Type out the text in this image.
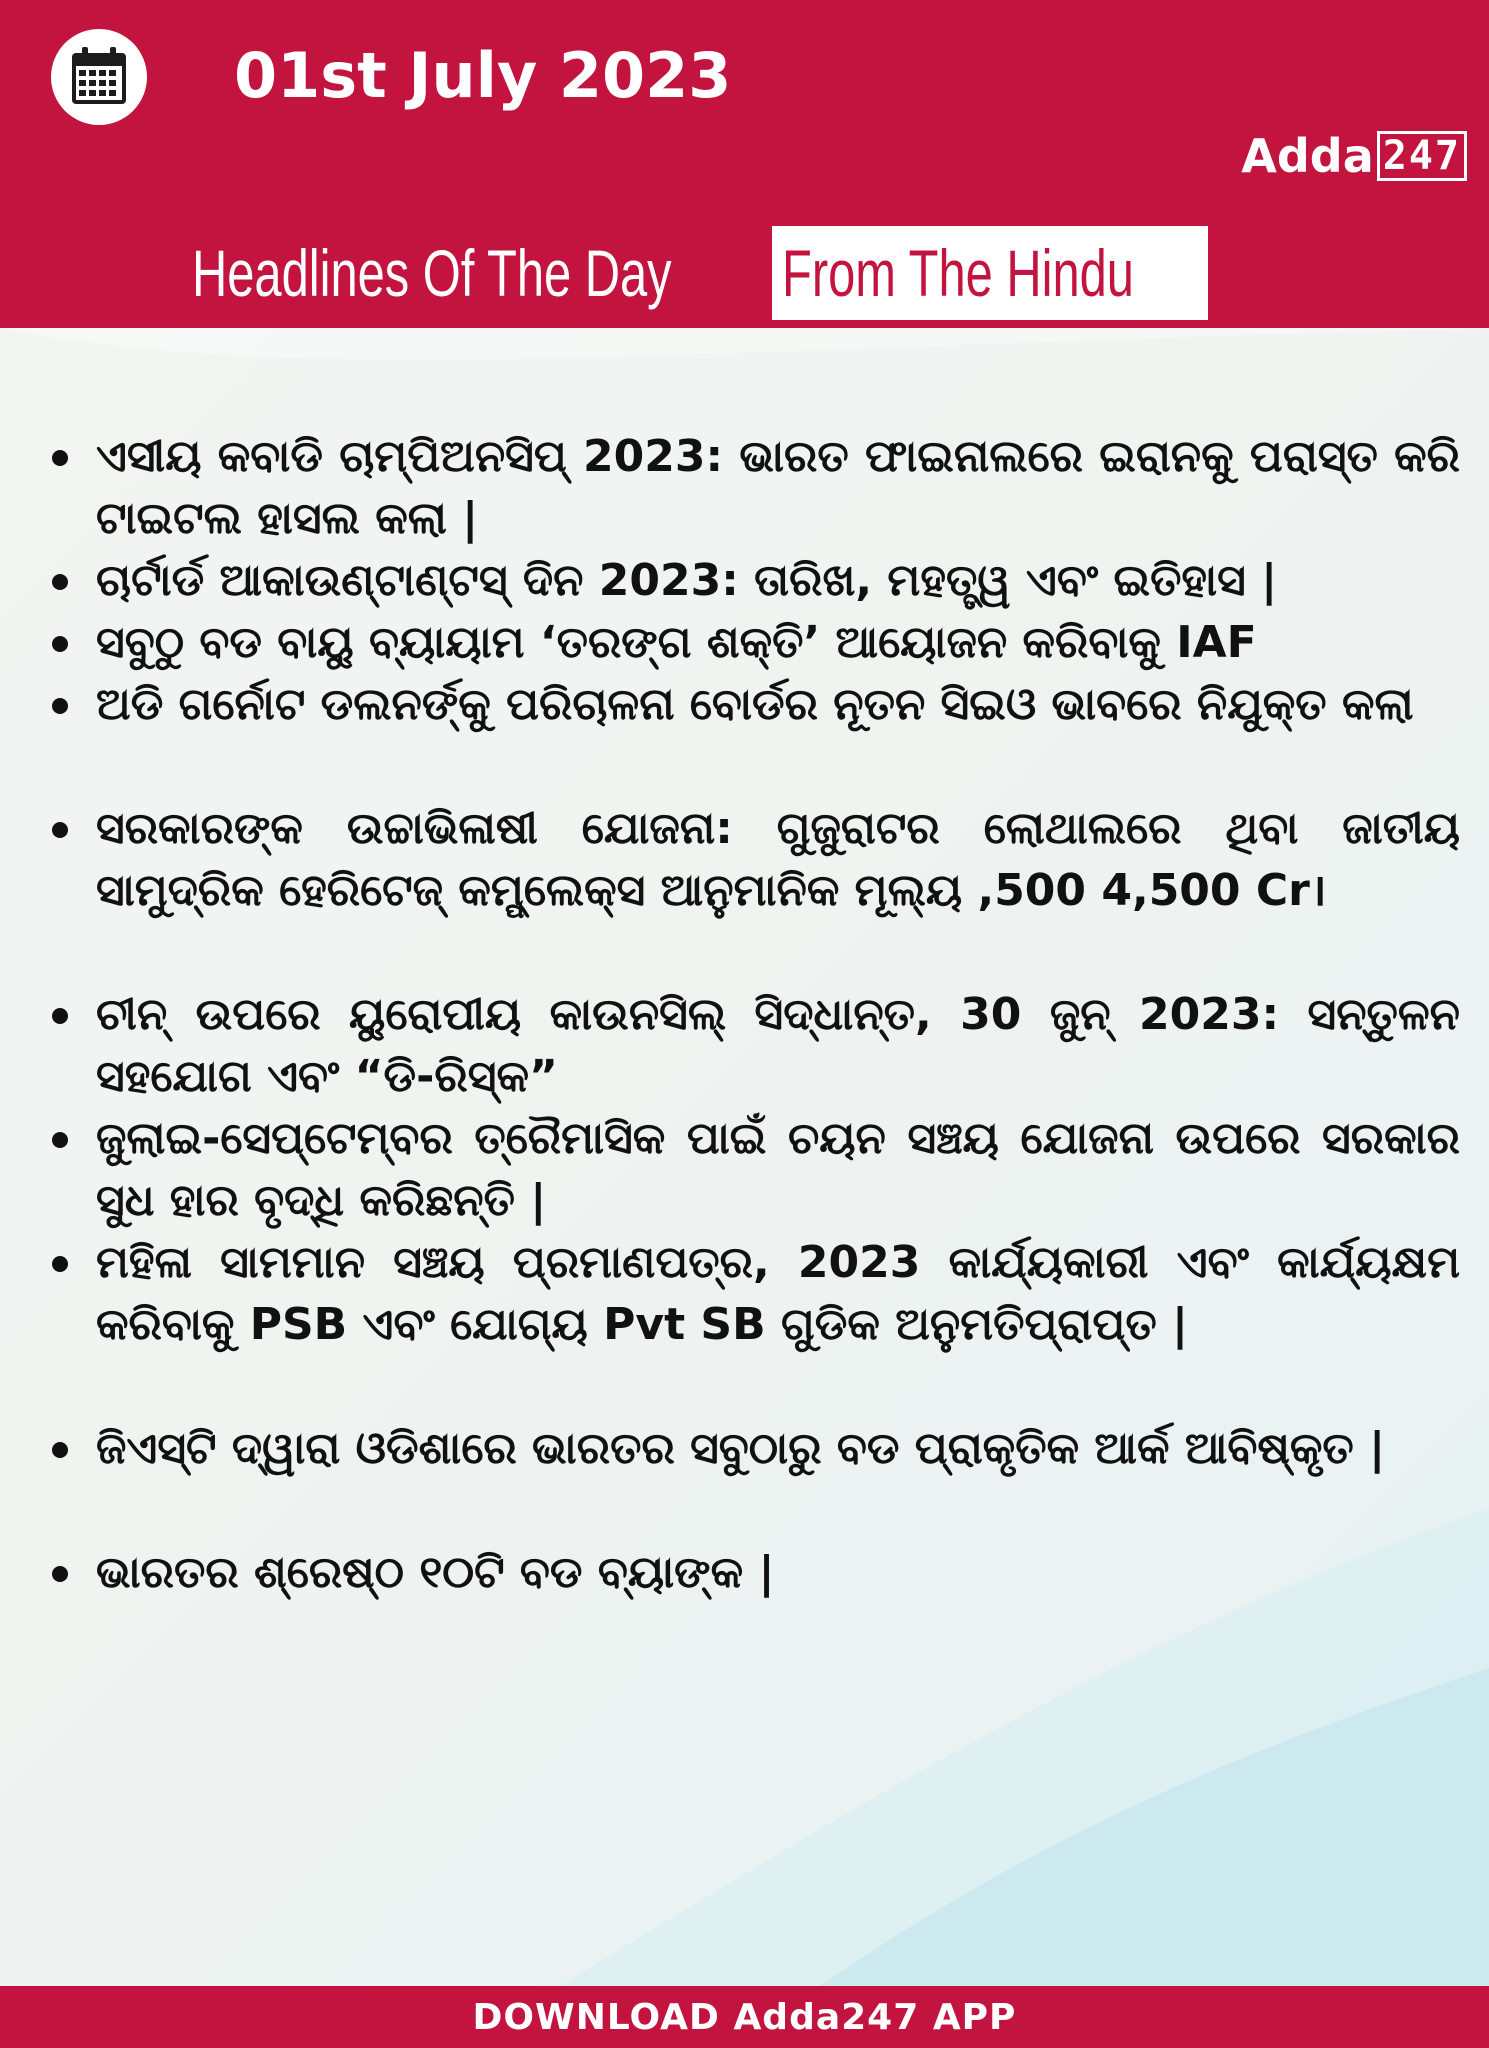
01st July 2023
Adda 247
Headlines Of The Day From The Hindu
ଏସୀୟ କବାଡି ଚାମ୍ପିଅନସିପ୍ 2023: ଭାରତ ଫାଇନାଲରେ ଇରାନକୁ ପରାସ୍ତ କରି ଟାଇଟଲ ହାସଲ କଲା |
ଚାର୍ଟାର୍ଡ ଆକାଉଣ୍ଟାଣ୍ଟସ୍ ଦିନ 2023: ତାରିଖ, ମହତ୍ତ୍ୱ ଏବଂ ଇତିହାସ |
ସବୁଠୁ ବଡ ବାୟୁ ବ୍ୟାୟାମ ‘ତରଙ୍ଗ ଶକ୍ତି’ ଆୟୋଜନ କରିବାକୁ IAF
ଅଡି ଗର୍ନୋଟ ଡଲନର୍ଙ୍କୁ ପରିଚାଳନା ବୋର୍ଡର ନୂତନ ସିଇଓ ଭାବରେ ନିଯୁକ୍ତ କଲା
ସରକାରଙ୍କ ଉଚ୍ଚାଭିଳାଷୀ ଯୋଜନା: ଗୁଜୁରାଟର ଲୋଥାଲରେ ଥିବା ଜାତୀୟ ସାମୁଦ୍ରିକ ହେରିଟେଜ୍ କମ୍ପ୍ଲେକ୍ସ ଆନୁମାନିକ ମୂଲ୍ୟ ,500 4,500 Cr।
ଚୀନ୍ ଉପରେ ୟୁରୋପୀୟ କାଉନସିଲ୍ ସିଦ୍ଧାନ୍ତ, 30 ଜୁନ୍ 2023: ସନ୍ତୁଳନ ସହଯୋଗ ଏବଂ “ଡି-ରିସ୍କ”
ଜୁଲାଇ-ସେପ୍ଟେମ୍ବର ତ୍ରୈମାସିକ ପାଇଁ ଚୟନ ସଞ୍ଚୟ ଯୋଜନା ଉପରେ ସରକାର ସୁଧ ହାର ବୃଦ୍ଧି କରିଛନ୍ତି |
ମହିଳା ସାମମାନ ସଞ୍ଚୟ ପ୍ରମାଣପତ୍ର, 2023 କାର୍ଯ୍ୟକାରୀ ଏବଂ କାର୍ଯ୍ୟକ୍ଷମ କରିବାକୁ PSB ଏବଂ ଯୋଗ୍ୟ Pvt SB ଗୁଡିକ ଅନୁମତିପ୍ରାପ୍ତ |
ଜିଏସ୍ଟି ଦ୍ୱାରା ଓଡିଶାରେ ଭାରତର ସବୁଠାରୁ ବଡ ପ୍ରାକୃତିକ ଆର୍କ ଆବିଷ୍କୃତ |
ଭାରତର ଶ୍ରେଷ୍ଠ ୧୦ଟି ବଡ ବ୍ୟାଙ୍କ |
DOWNLOAD Adda247 APP
